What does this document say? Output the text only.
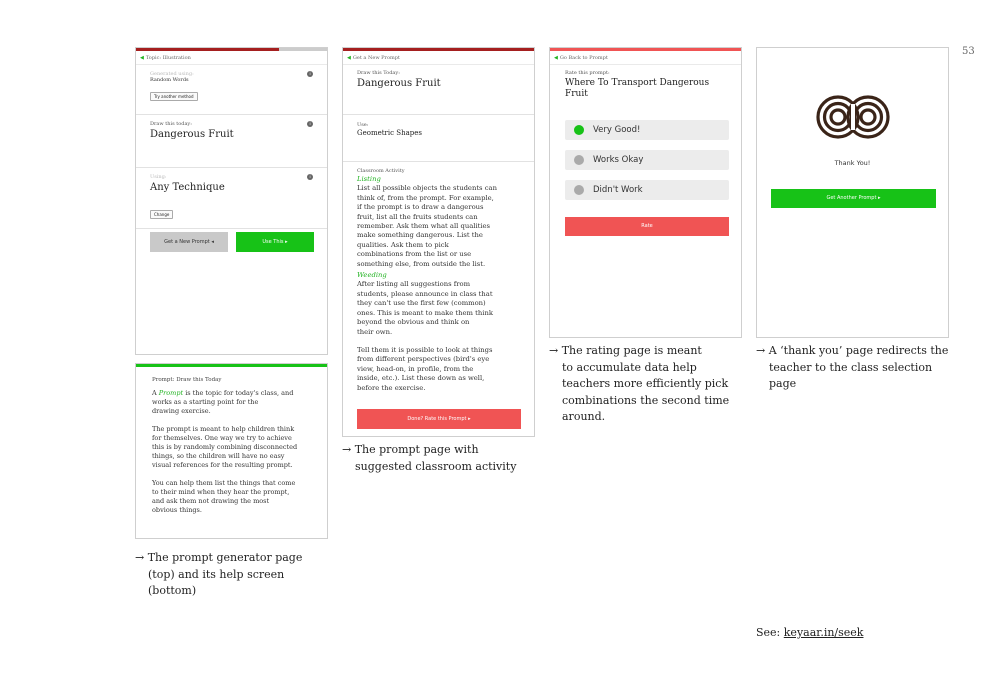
53
◀ Topic: Illustration
Generated using:
Random Words
Try another method
i
Draw this today:
Dangerous Fruit
i
Using:
Any Technique
Change
i
Get a New Prompt ◂	Use This ▸
Prompt: Draw this Today

A Prompt is the topic for today's class, and
works as a starting point for the
drawing exercise.

The prompt is meant to help children think
for themselves. One way we try to achieve
this is by randomly combining disconnected
things, so the children will have no easy
visual references for the resulting prompt.

You can help them list the things that come
to their mind when they hear the prompt,
and ask them not drawing the most
obvious things.

◀ Get a New Prompt
Draw this Today:
Dangerous Fruit
Use:
Geometric Shapes
Classroom Activity
Listing
List all possible objects the students can
think of, from the prompt. For example,
if the prompt is to draw a dangerous
fruit, list all the fruits students can
remember. Ask them what all qualities
make something dangerous. List the
qualities. Ask them to pick
combinations from the list or use
something else, from outside the list.
Weeding
After listing all suggestions from
students, please announce in class that
they can't use the first few (common)
ones. This is meant to make them think
beyond the obvious and think on
their own.
Tell them it is possible to look at things
from different perspectives (bird's eye
view, head-on, in profile, from the
inside, etc.). List these down as well,
before the exercise.
Done? Rate this Prompt ▸
◀ Go Back to Prompt
Rate this prompt:
Where To Transport Dangerous
Fruit
Very Good!
Works Okay
Didn't Work
Rate
Thank You!
Get Another Prompt ▸
→ The prompt generator page
(top) and its help screen
(bottom)
→ The prompt page with
suggested classroom activity
→ The rating page is meant
to accumulate data help
teachers more efficiently pick
combinations the second time
around.
→ A ‘thank you’ page redirects the
teacher to the class selection
page
See: keyaar.in/seek
